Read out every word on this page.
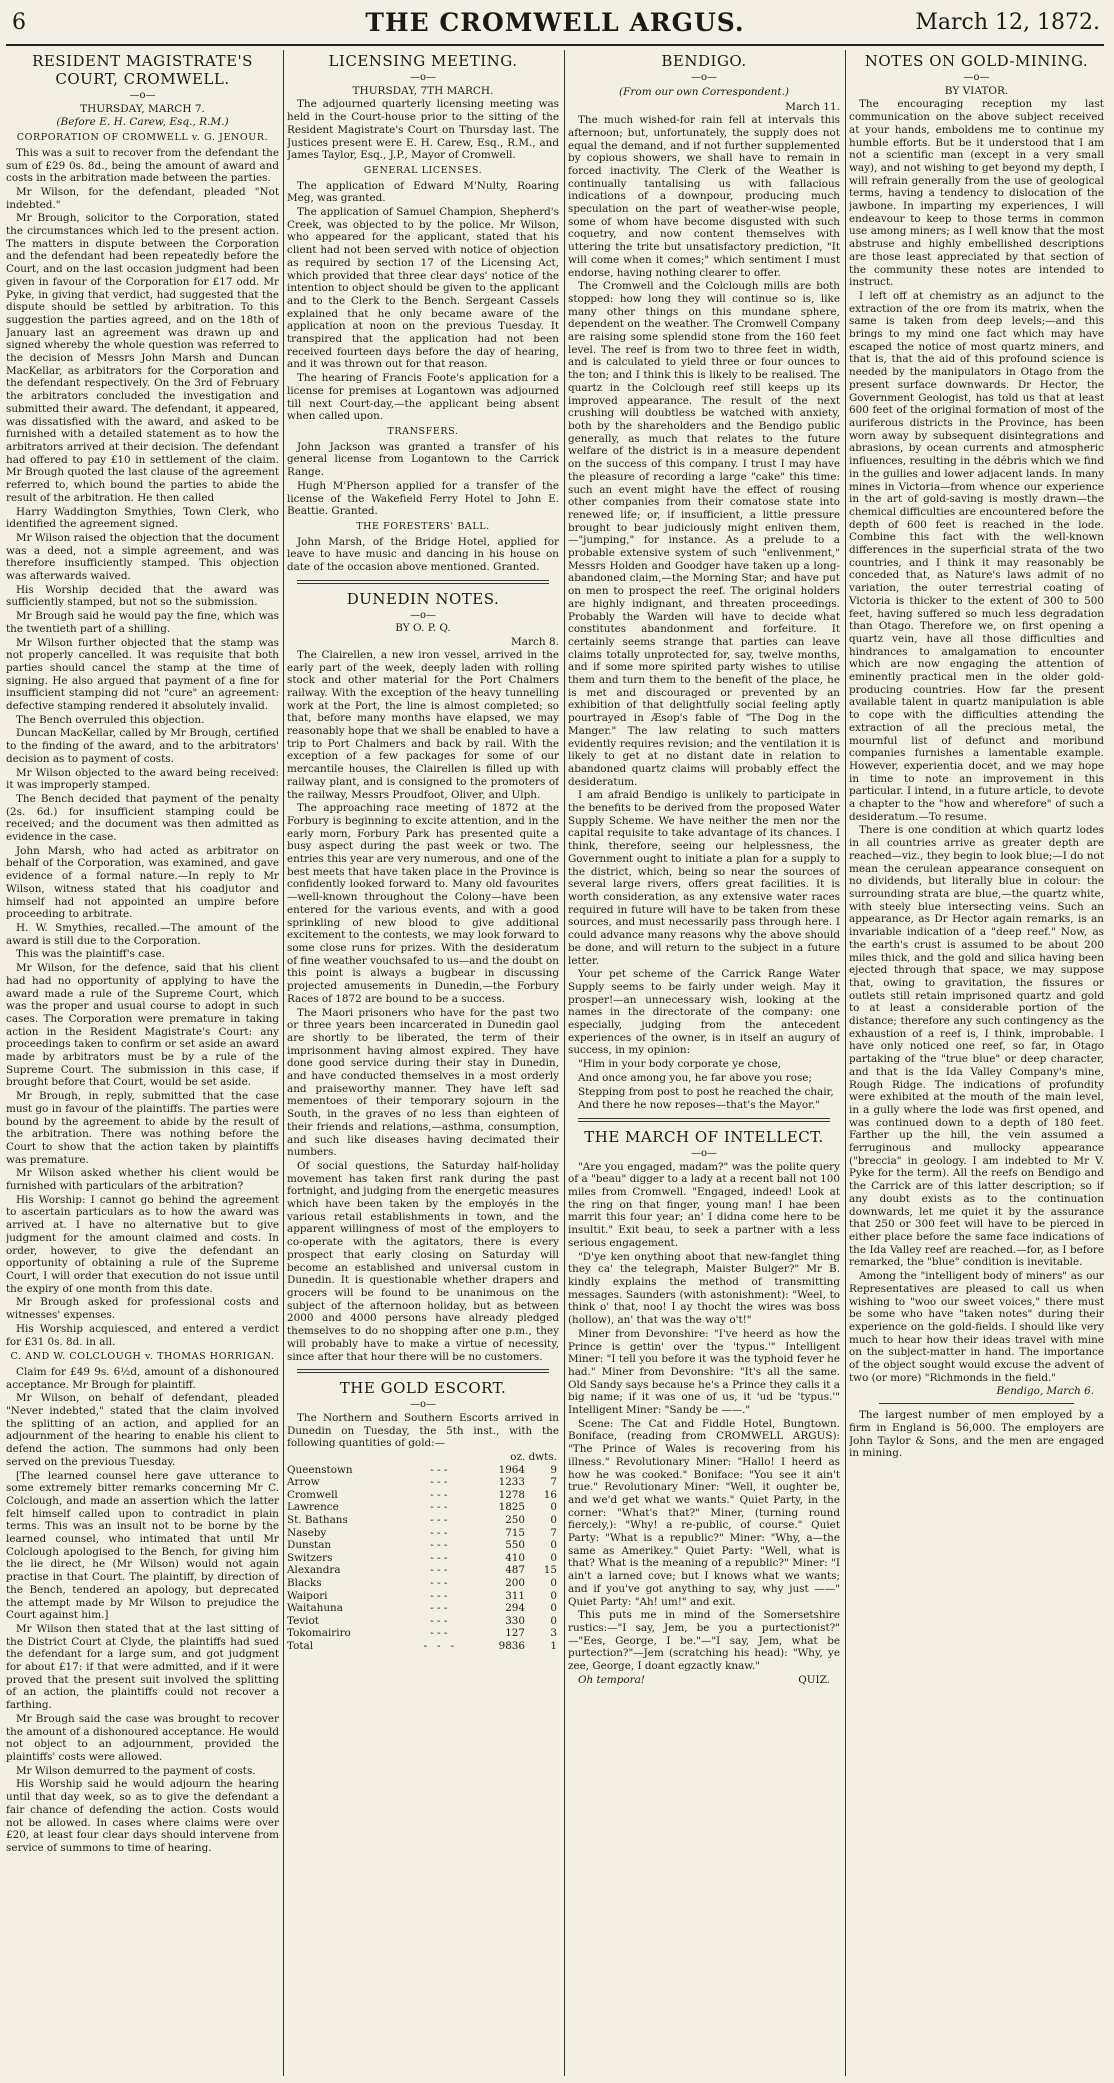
6	THE CROMWELL ARGUS.	March 12, 1872.
RESIDENT MAGISTRATE'S COURT, CROMWELL.
—o—
THURSDAY, MARCH 7.
(Before E. H. Carew, Esq., R.M.)
CORPORATION OF CROMWELL v. G. JENOUR.

This was a suit to recover from the defendant the sum of £29 0s. 8d., being the amount of award and costs in the arbitration made between the parties.

Mr Wilson, for the defendant, pleaded "Not indebted."

Mr Brough, solicitor to the Corporation, stated the circumstances which led to the present action. The matters in dispute between the Corporation and the defendant had been repeatedly before the Court, and on the last occasion judgment had been given in favour of the Corporation for £17 odd. Mr Pyke, in giving that verdict, had suggested that the dispute should be settled by arbitration. To this suggestion the parties agreed, and on the 18th of January last an agreement was drawn up and signed whereby the whole question was referred to the decision of Messrs John Marsh and Duncan MacKellar, as arbitrators for the Corporation and the defendant respectively. On the 3rd of February the arbitrators concluded the investigation and submitted their award. The defendant, it appeared, was dissatisfied with the award, and asked to be furnished with a detailed statement as to how the arbitrators arrived at their decision. The defendant had offered to pay £10 in settlement of the claim. Mr Brough quoted the last clause of the agreement referred to, which bound the parties to abide the result of the arbitration. He then called

Harry Waddington Smythies, Town Clerk, who identified the agreement signed.

Mr Wilson raised the objection that the document was a deed, not a simple agreement, and was therefore insufficiently stamped. This objection was afterwards waived.

His Worship decided that the award was sufficiently stamped, but not so the submission.

Mr Brough said he would pay the fine, which was the twentieth part of a shilling.

Mr Wilson further objected that the stamp was not properly cancelled. It was requisite that both parties should cancel the stamp at the time of signing. He also argued that payment of a fine for insufficient stamping did not "cure" an agreement: defective stamping rendered it absolutely invalid.

The Bench overruled this objection.

Duncan MacKellar, called by Mr Brough, certified to the finding of the award, and to the arbitrators' decision as to payment of costs.

Mr Wilson objected to the award being received: it was improperly stamped.

The Bench decided that payment of the penalty (2s. 6d.) for insufficient stamping could be received; and the document was then admitted as evidence in the case.

John Marsh, who had acted as arbitrator on behalf of the Corporation, was examined, and gave evidence of a formal nature.—In reply to Mr Wilson, witness stated that his coadjutor and himself had not appointed an umpire before proceeding to arbitrate.

H. W. Smythies, recalled.—The amount of the award is still due to the Corporation.

This was the plaintiff's case.

Mr Wilson, for the defence, said that his client had had no opportunity of applying to have the award made a rule of the Supreme Court, which was the proper and usual course to adopt in such cases. The Corporation were premature in taking action in the Resident Magistrate's Court: any proceedings taken to confirm or set aside an award made by arbitrators must be by a rule of the Supreme Court. The submission in this case, if brought before that Court, would be set aside.

Mr Brough, in reply, submitted that the case must go in favour of the plaintiffs. The parties were bound by the agreement to abide by the result of the arbitration. There was nothing before the Court to show that the action taken by plaintiffs was premature.

Mr Wilson asked whether his client would be furnished with particulars of the arbitration?

His Worship: I cannot go behind the agreement to ascertain particulars as to how the award was arrived at. I have no alternative but to give judgment for the amount claimed and costs. In order, however, to give the defendant an opportunity of obtaining a rule of the Supreme Court, I will order that execution do not issue until the expiry of one month from this date.

Mr Brough asked for professional costs and witnesses' expenses.

His Worship acquiesced, and entered a verdict for £31 0s. 8d. in all.

C. AND W. COLCLOUGH v. THOMAS HORRIGAN.

Claim for £49 9s. 6½d, amount of a dishonoured acceptance. Mr Brough for plaintiff.

Mr Wilson, on behalf of defendant, pleaded "Never indebted," stated that the claim involved the splitting of an action, and applied for an adjournment of the hearing to enable his client to defend the action. The summons had only been served on the previous Tuesday.

[The learned counsel here gave utterance to some extremely bitter remarks concerning Mr C. Colclough, and made an assertion which the latter felt himself called upon to contradict in plain terms. This was an insult not to be borne by the learned counsel, who intimated that until Mr Colclough apologised to the Bench, for giving him the lie direct, he (Mr Wilson) would not again practise in that Court. The plaintiff, by direction of the Bench, tendered an apology, but deprecated the attempt made by Mr Wilson to prejudice the Court against him.]

Mr Wilson then stated that at the last sitting of the District Court at Clyde, the plaintiffs had sued the defendant for a large sum, and got judgment for about £17: if that were admitted, and if it were proved that the present suit involved the splitting of an action, the plaintiffs could not recover a farthing.

Mr Brough said the case was brought to recover the amount of a dishonoured acceptance. He would not object to an adjournment, provided the plaintiffs' costs were allowed.

Mr Wilson demurred to the payment of costs.

His Worship said he would adjourn the hearing until that day week, so as to give the defendant a fair chance of defending the action. Costs would not be allowed. In cases where claims were over £20, at least four clear days should intervene from service of summons to time of hearing.

LICENSING MEETING.
—o—
THURSDAY, 7TH MARCH.

The adjourned quarterly licensing meeting was held in the Court-house prior to the sitting of the Resident Magistrate's Court on Thursday last. The Justices present were E. H. Carew, Esq., R.M., and James Taylor, Esq., J.P., Mayor of Cromwell.

GENERAL LICENSES.

The application of Edward M'Nulty, Roaring Meg, was granted.

The application of Samuel Champion, Shepherd's Creek, was objected to by the police. Mr Wilson, who appeared for the applicant, stated that his client had not been served with notice of objection as required by section 17 of the Licensing Act, which provided that three clear days' notice of the intention to object should be given to the applicant and to the Clerk to the Bench. Sergeant Cassels explained that he only became aware of the application at noon on the previous Tuesday. It transpired that the application had not been received fourteen days before the day of hearing, and it was thrown out for that reason.

The hearing of Francis Foote's application for a license for premises at Logantown was adjourned till next Court-day,—the applicant being absent when called upon.

TRANSFERS.

John Jackson was granted a transfer of his general license from Logantown to the Carrick Range.

Hugh M'Pherson applied for a transfer of the license of the Wakefield Ferry Hotel to John E. Beattie. Granted.

THE FORESTERS' BALL.

John Marsh, of the Bridge Hotel, applied for leave to have music and dancing in his house on date of the occasion above mentioned. Granted.

DUNEDIN NOTES.
—o—
BY O. P. Q.
March 8.

The Clairellen, a new iron vessel, arrived in the early part of the week, deeply laden with rolling stock and other material for the Port Chalmers railway. With the exception of the heavy tunnelling work at the Port, the line is almost completed; so that, before many months have elapsed, we may reasonably hope that we shall be enabled to have a trip to Port Chalmers and back by rail. With the exception of a few packages for some of our mercantile houses, the Clairellen is filled up with railway plant, and is consigned to the promoters of the railway, Messrs Proudfoot, Oliver, and Ulph.

The approaching race meeting of 1872 at the Forbury is beginning to excite attention, and in the early morn, Forbury Park has presented quite a busy aspect during the past week or two. The entries this year are very numerous, and one of the best meets that have taken place in the Province is confidently looked forward to. Many old favourites—well-known throughout the Colony—have been entered for the various events, and with a good sprinkling of new blood to give additional excitement to the contests, we may look forward to some close runs for prizes. With the desideratum of fine weather vouchsafed to us—and the doubt on this point is always a bugbear in discussing projected amusements in Dunedin,—the Forbury Races of 1872 are bound to be a success.

The Maori prisoners who have for the past two or three years been incarcerated in Dunedin gaol are shortly to be liberated, the term of their imprisonment having almost expired. They have done good service during their stay in Dunedin, and have conducted themselves in a most orderly and praiseworthy manner. They have left sad mementoes of their temporary sojourn in the South, in the graves of no less than eighteen of their friends and relations,—asthma, consumption, and such like diseases having decimated their numbers.

Of social questions, the Saturday half-holiday movement has taken first rank during the past fortnight, and judging from the energetic measures which have been taken by the employés in the various retail establishments in town, and the apparent willingness of most of the employers to co-operate with the agitators, there is every prospect that early closing on Saturday will become an established and universal custom in Dunedin. It is questionable whether drapers and grocers will be found to be unanimous on the subject of the afternoon holiday, but as between 2000 and 4000 persons have already pledged themselves to do no shopping after one p.m., they will probably have to make a virtue of necessity, since after that hour there will be no customers.

THE GOLD ESCORT.
—o—

The Northern and Southern Escorts arrived in Dunedin on Tuesday, the 5th inst., with the following quantities of gold:—

		oz. dwts.	
Queenstown	- - -	1964	9
Arrow	- - -	1233	7
Cromwell	- - -	1278	16
Lawrence	- - -	1825	0
St. Bathans	- - -	250	0
Naseby	- - -	715	7
Dunstan	- - -	550	0
Switzers	- - -	410	0
Alexandra	- - -	487	15
Blacks	- - -	200	0
Waipori	- - -	311	0
Waitahuna	- - -	294	0
Teviot	- - -	330	0
Tokomairiro	- - -	127	3
Total	-   -   -	9836	1
BENDIGO.
—o—
(From our own Correspondent.)
March 11.

The much wished-for rain fell at intervals this afternoon; but, unfortunately, the supply does not equal the demand, and if not further supplemented by copious showers, we shall have to remain in forced inactivity. The Clerk of the Weather is continually tantalising us with fallacious indications of a downpour, producing much speculation on the part of weather-wise people, some of whom have become disgusted with such coquetry, and now content themselves with uttering the trite but unsatisfactory prediction, "It will come when it comes;" which sentiment I must endorse, having nothing clearer to offer.

The Cromwell and the Colclough mills are both stopped: how long they will continue so is, like many other things on this mundane sphere, dependent on the weather. The Cromwell Company are raising some splendid stone from the 160 feet level. The reef is from two to three feet in width, and is calculated to yield three or four ounces to the ton; and I think this is likely to be realised. The quartz in the Colclough reef still keeps up its improved appearance. The result of the next crushing will doubtless be watched with anxiety, both by the shareholders and the Bendigo public generally, as much that relates to the future welfare of the district is in a measure dependent on the success of this company. I trust I may have the pleasure of recording a large "cake" this time: such an event might have the effect of rousing other companies from their comatose state into renewed life; or, if insufficient, a little pressure brought to bear judiciously might enliven them,—"jumping," for instance. As a prelude to a probable extensive system of such "enlivenment," Messrs Holden and Goodger have taken up a long-abandoned claim,—the Morning Star; and have put on men to prospect the reef. The original holders are highly indignant, and threaten proceedings. Probably the Warden will have to decide what constitutes abandonment and forfeiture. It certainly seems strange that parties can leave claims totally unprotected for, say, twelve months, and if some more spirited party wishes to utilise them and turn them to the benefit of the place, he is met and discouraged or prevented by an exhibition of that delightfully social feeling aptly pourtrayed in Æsop's fable of "The Dog in the Manger." The law relating to such matters evidently requires revision; and the ventilation it is likely to get at no distant date in relation to abandoned quartz claims will probably effect the desideratum.

I am afraid Bendigo is unlikely to participate in the benefits to be derived from the proposed Water Supply Scheme. We have neither the men nor the capital requisite to take advantage of its chances. I think, therefore, seeing our helplessness, the Government ought to initiate a plan for a supply to the district, which, being so near the sources of several large rivers, offers great facilities. It is worth consideration, as any extensive water races required in future will have to be taken from these sources, and must necessarily pass through here. I could advance many reasons why the above should be done, and will return to the subject in a future letter.

Your pet scheme of the Carrick Range Water Supply seems to be fairly under weigh. May it prosper!—an unnecessary wish, looking at the names in the directorate of the company: one especially, judging from the antecedent experiences of the owner, is in itself an augury of success, in my opinion:

"Him in your body corporate ye chose,

And once among you, he far above you rose;

Stepping from post to post he reached the chair,

And there he now reposes—that's the Mayor."

THE MARCH OF INTELLECT.
—o—

"Are you engaged, madam?" was the polite query of a "beau" digger to a lady at a recent ball not 100 miles from Cromwell. "Engaged, indeed! Look at the ring on that finger, young man! I hae been marrit this four year; an' I didna come here to be insultit." Exit beau, to seek a partner with a less serious engagement.

"D'ye ken onything aboot that new-fanglet thing they ca' the telegraph, Maister Bulger?" Mr B. kindly explains the method of transmitting messages. Saunders (with astonishment): "Weel, to think o' that, noo! I ay thocht the wires was boss (hollow), an' that was the way o't!"

Miner from Devonshire: "I've heerd as how the Prince is gettin' over the 'typus.'" Intelligent Miner: "I tell you before it was the typhoid fever he had." Miner from Devonshire: "It's all the same. Old Sandy says because he's a Prince they calls it a big name; if it was one of us, it 'ud be 'typus.'" Intelligent Miner: "Sandy be ——."

Scene: The Cat and Fiddle Hotel, Bungtown. Boniface, (reading from CROMWELL ARGUS): "The Prince of Wales is recovering from his illness." Revolutionary Miner: "Hallo! I heerd as how he was cooked." Boniface: "You see it ain't true." Revolutionary Miner: "Well, it oughter be, and we'd get what we wants." Quiet Party, in the corner: "What's that?" Miner, (turning round fiercely,): "Why! a re-public, of course." Quiet Party: "What is a republic?" Miner: "Why, a—the same as Amerikey." Quiet Party: "Well, what is that? What is the meaning of a republic?" Miner: "I ain't a larned cove; but I knows what we wants; and if you've got anything to say, why just ——" Quiet Party: "Ah! um!" and exit.

This puts me in mind of the Somersetshire rustics:—"I say, Jem, be you a purtectionist?" —"Ees, George, I be."—"I say, Jem, what be purtection?"—Jem (scratching his head): "Why, ye zee, George, I doant egzactly knaw."

Oh tempora!	QUIZ.
NOTES ON GOLD-MINING.
—o—
BY VIATOR.

The encouraging reception my last communication on the above subject received at your hands, emboldens me to continue my humble efforts. But be it understood that I am not a scientific man (except in a very small way), and not wishing to get beyond my depth, I will refrain generally from the use of geological terms, having a tendency to dislocation of the jawbone. In imparting my experiences, I will endeavour to keep to those terms in common use among miners; as I well know that the most abstruse and highly embellished descriptions are those least appreciated by that section of the community these notes are intended to instruct.

I left off at chemistry as an adjunct to the extraction of the ore from its matrix, when the same is taken from deep levels;—and this brings to my mind one fact which may have escaped the notice of most quartz miners, and that is, that the aid of this profound science is needed by the manipulators in Otago from the present surface downwards. Dr Hector, the Government Geologist, has told us that at least 600 feet of the original formation of most of the auriferous districts in the Province, has been worn away by subsequent disintegrations and abrasions, by ocean currents and atmospheric influences, resulting in the débris which we find in the gullies and lower adjacent lands. In many mines in Victoria—from whence our experience in the art of gold-saving is mostly drawn—the chemical difficulties are encountered before the depth of 600 feet is reached in the lode. Combine this fact with the well-known differences in the superficial strata of the two countries, and I think it may reasonably be conceded that, as Nature's laws admit of no variation, the outer terrestrial coating of Victoria is thicker to the extent of 300 to 500 feet, having suffered so much less degradation than Otago. Therefore we, on first opening a quartz vein, have all those difficulties and hindrances to amalgamation to encounter which are now engaging the attention of eminently practical men in the older gold-producing countries. How far the present available talent in quartz manipulation is able to cope with the difficulties attending the extraction of all the precious metal, the mournful list of defunct and moribund companies furnishes a lamentable example. However, experientia docet, and we may hope in time to note an improvement in this particular. I intend, in a future article, to devote a chapter to the "how and wherefore" of such a desideratum.—To resume.

There is one condition at which quartz lodes in all countries arrive as greater depth are reached—viz., they begin to look blue;—I do not mean the cerulean appearance consequent on no dividends, but literally blue in colour: the surrounding strata are blue,—the quartz white, with steely blue intersecting veins. Such an appearance, as Dr Hector again remarks, is an invariable indication of a "deep reef." Now, as the earth's crust is assumed to be about 200 miles thick, and the gold and silica having been ejected through that space, we may suppose that, owing to gravitation, the fissures or outlets still retain imprisoned quartz and gold to at least a considerable portion of the distance; therefore any such contingency as the exhaustion of a reef is, I think, improbable. I have only noticed one reef, so far, in Otago partaking of the "true blue" or deep character, and that is the Ida Valley Company's mine, Rough Ridge. The indications of profundity were exhibited at the mouth of the main level, in a gully where the lode was first opened, and was continued down to a depth of 180 feet. Farther up the hill, the vein assumed a ferruginous and mullocky appearance ("breccia" in geology. I am indebted to Mr V. Pyke for the term). All the reefs on Bendigo and the Carrick are of this latter description; so if any doubt exists as to the continuation downwards, let me quiet it by the assurance that 250 or 300 feet will have to be pierced in either place before the same face indications of the Ida Valley reef are reached.—for, as I before remarked, the "blue" condition is inevitable.

Among the "intelligent body of miners" as our Representatives are pleased to call us when wishing to "woo our sweet voices," there must be some who have "taken notes" during their experience on the gold-fields. I should like very much to hear how their ideas travel with mine on the subject-matter in hand. The importance of the object sought would excuse the advent of two (or more) "Richmonds in the field."

Bendigo, March 6.

The largest number of men employed by a firm in England is 56,000. The employers are John Taylor & Sons, and the men are engaged in mining.
